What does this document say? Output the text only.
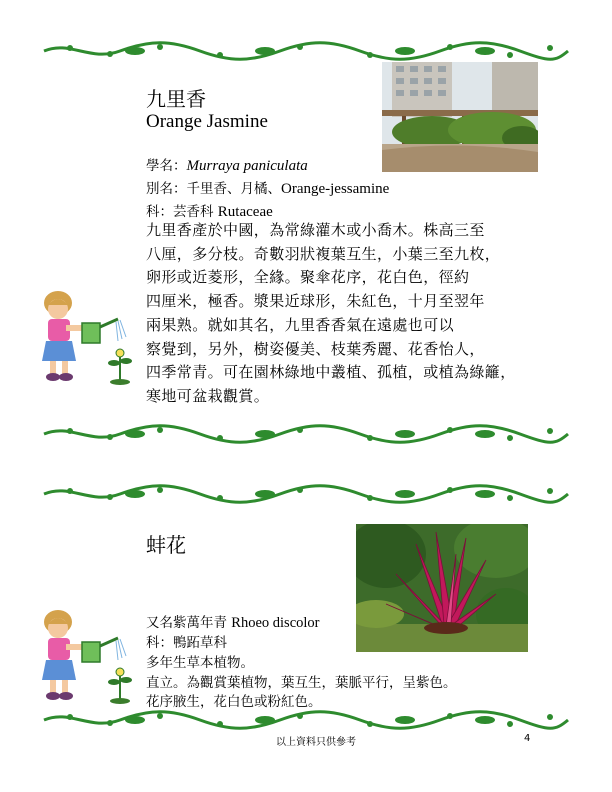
九里香
Orange Jasmine
學名：Murraya paniculata
別名：千里香、月橘、Orange-jessamine
科：芸香科 Rutaceae
九里香產於中國，為常綠灌木或小喬木。株高三至
八厘，多分枝。奇數羽狀複葉互生，小葉三至九枚，
卵形或近菱形，全緣。聚傘花序，花白色，徑約
四厘米，極香。漿果近球形，朱紅色，十月至翌年
兩果熟。就如其名，九里香香氣在遠處也可以
察覺到，另外，樹姿優美、枝葉秀麗、花香怡人，
四季常青。可在園林綠地中叢植、孤植，或植為綠籬，
寒地可盆栽觀賞。
蚌花
又名紫萬年青 Rhoeo discolor
科：鴨跖草科
多年生草本植物。
直立。為觀賞葉植物，葉互生，葉脈平行，呈紫色。
花序腋生，花白色或粉紅色。
以上資料只供參考	4
